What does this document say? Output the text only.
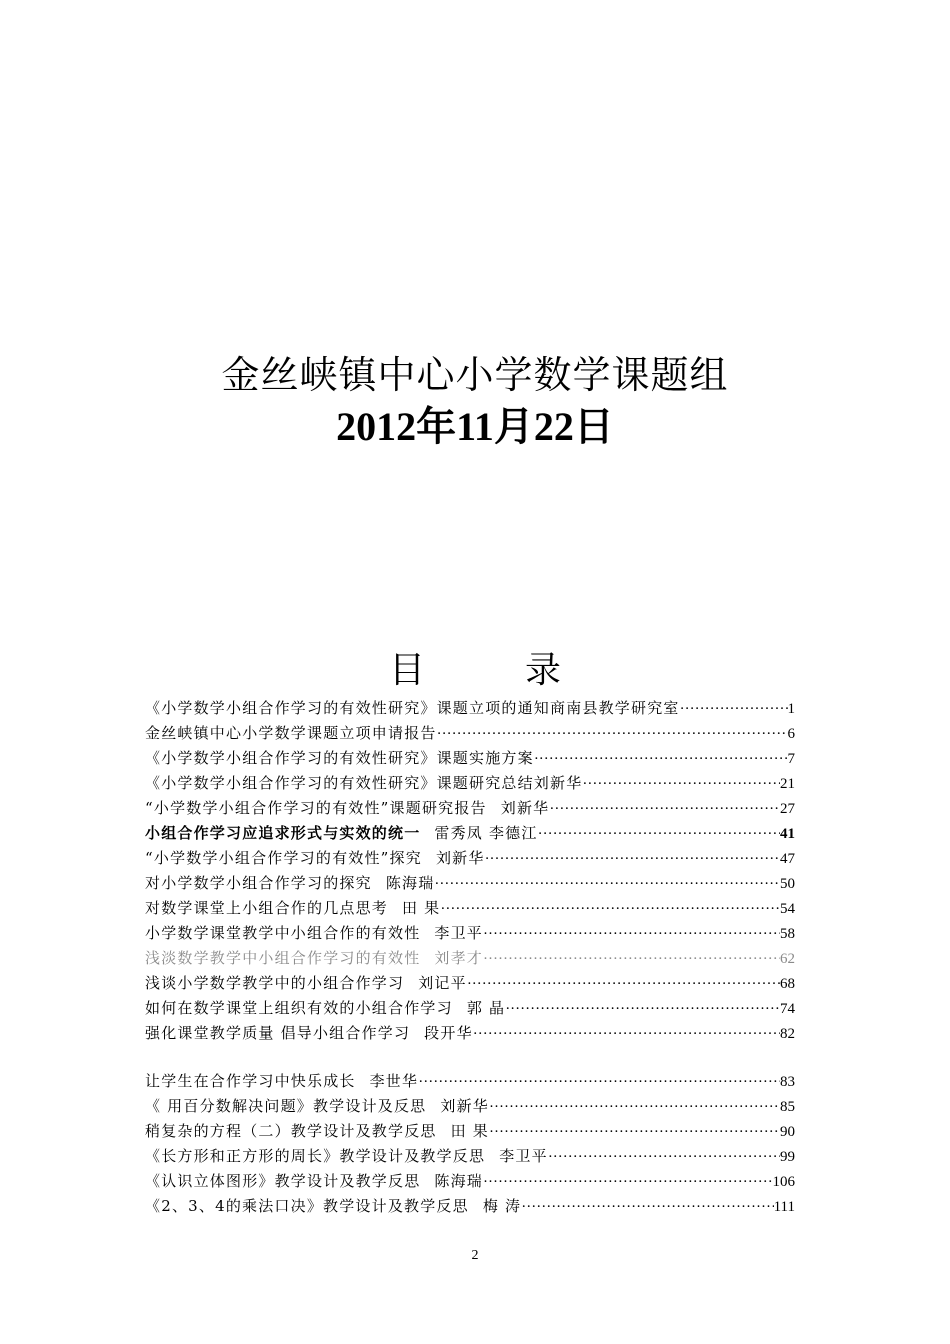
金丝峡镇中心小学数学课题组
2012年11月22日
目	录
《小学数学小组合作学习的有效性研究》课题立项的通知商南县教学研究室 ·····	1
金丝峡镇中心小学数学课题立项申请报告 ·····	6
《小学数学小组合作学习的有效性研究》课题实施方案 ·····	7
《小学数学小组合作学习的有效性研究》课题研究总结刘新华 ·····	21
“小学数学小组合作学习的有效性”课题研究报告 刘新华 ·····	27
小组合作学习应追求形式与实效的统一 雷秀凤 李德江 ·····	41
“小学数学小组合作学习的有效性”探究 刘新华 ·····	47
对小学数学小组合作学习的探究 陈海瑞 ·····	50
对数学课堂上小组合作的几点思考 田 果 ·····	54
小学数学课堂教学中小组合作的有效性 李卫平 ·····	58
浅淡数学教学中小组合作学习的有效性 刘孝才 ·····	62
浅谈小学数学教学中的小组合作学习 刘记平 ·····	68
如何在数学课堂上组织有效的小组合作学习 郭 晶 ·····	74
强化课堂教学质量 倡导小组合作学习 段开华 ·····	82
让学生在合作学习中快乐成长 李世华 ·····	83
《 用百分数解决问题》教学设计及反思 刘新华 ·····	85
稍复杂的方程（二）教学设计及教学反思 田 果 ·····	90
《长方形和正方形的周长》教学设计及教学反思 李卫平 ·····	99
《认识立体图形》教学设计及教学反思 陈海瑞 ·····	106
《2、3、4的乘法口决》教学设计及教学反思 梅 涛 ·····	111
2
